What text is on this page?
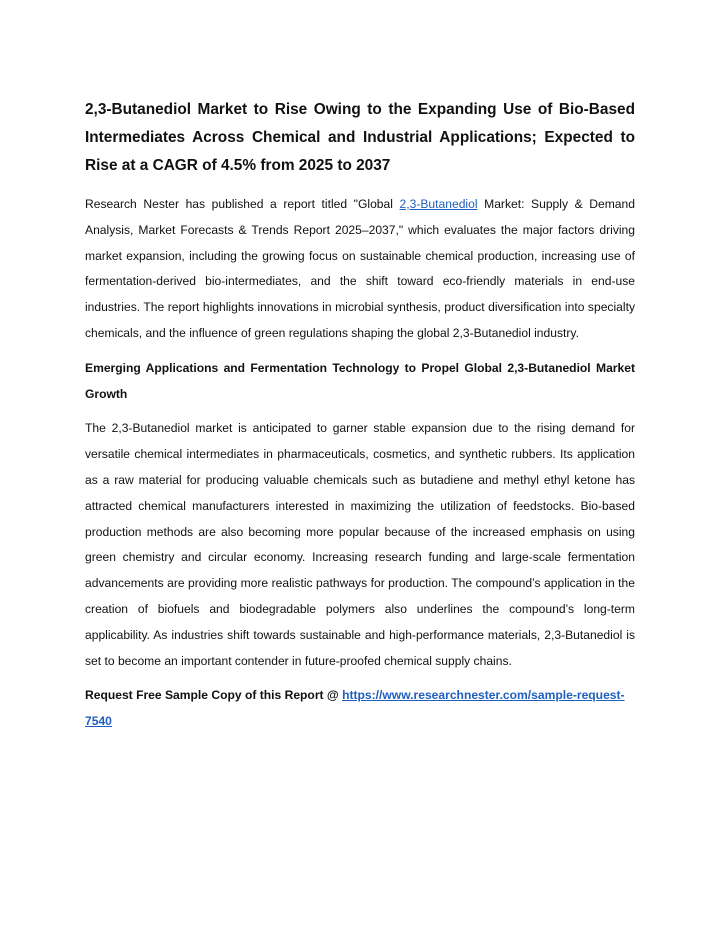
2,3-Butanediol Market to Rise Owing to the Expanding Use of Bio-Based Intermediates Across Chemical and Industrial Applications; Expected to Rise at a CAGR of 4.5% from 2025 to 2037

Research Nester has published a report titled "Global 2,3-Butanediol Market: Supply & Demand Analysis, Market Forecasts & Trends Report 2025–2037," which evaluates the major factors driving market expansion, including the growing focus on sustainable chemical production, increasing use of fermentation-derived bio-intermediates, and the shift toward eco-friendly materials in end-use industries. The report highlights innovations in microbial synthesis, product diversification into specialty chemicals, and the influence of green regulations shaping the global 2,3-Butanediol industry.

Emerging Applications and Fermentation Technology to Propel Global 2,3-Butanediol Market Growth

The 2,3-Butanediol market is anticipated to garner stable expansion due to the rising demand for versatile chemical intermediates in pharmaceuticals, cosmetics, and synthetic rubbers. Its application as a raw material for producing valuable chemicals such as butadiene and methyl ethyl ketone has attracted chemical manufacturers interested in maximizing the utilization of feedstocks. Bio-based production methods are also becoming more popular because of the increased emphasis on using green chemistry and circular economy. Increasing research funding and large-scale fermentation advancements are providing more realistic pathways for production. The compound’s application in the creation of biofuels and biodegradable polymers also underlines the compound’s long-term applicability. As industries shift towards sustainable and high-performance materials, 2,3-Butanediol is set to become an important contender in future-proofed chemical supply chains.

Request Free Sample Copy of this Report @ https://www.researchnester.com/sample-request-7540
